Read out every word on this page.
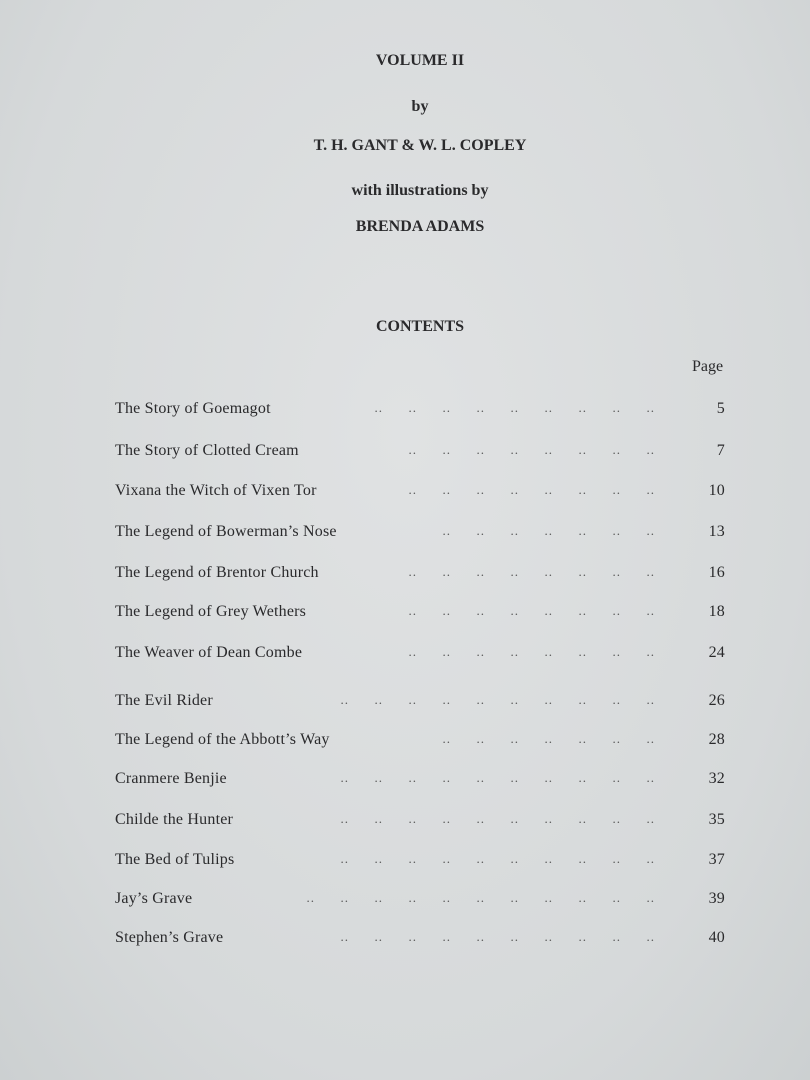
VOLUME II
by
T. H. GANT & W. L. COPLEY
with illustrations by
BRENDA ADAMS
CONTENTS
Page
The Story of Goemagot	..      ..      ..      ..      ..      ..      ..      ..      ..	5
The Story of Clotted Cream	..      ..      ..      ..      ..      ..      ..      ..	7
Vixana the Witch of Vixen Tor	..      ..      ..      ..      ..      ..      ..      ..	10
The Legend of Bowerman’s Nose	..      ..      ..      ..      ..      ..      ..	13
The Legend of Brentor Church	..      ..      ..      ..      ..      ..      ..      ..	16
The Legend of Grey Wethers	..      ..      ..      ..      ..      ..      ..      ..	18
The Weaver of Dean Combe	..      ..      ..      ..      ..      ..      ..      ..	24
The Evil Rider	..      ..      ..      ..      ..      ..      ..      ..      ..      ..	26
The Legend of the Abbott’s Way	..      ..      ..      ..      ..      ..      ..	28
Cranmere Benjie	..      ..      ..      ..      ..      ..      ..      ..      ..      ..	32
Childe the Hunter	..      ..      ..      ..      ..      ..      ..      ..      ..      ..	35
The Bed of Tulips	..      ..      ..      ..      ..      ..      ..      ..      ..      ..	37
Jay’s Grave	..      ..      ..      ..      ..      ..      ..      ..      ..      ..      ..	39
Stephen’s Grave	..      ..      ..      ..      ..      ..      ..      ..      ..      ..	40
